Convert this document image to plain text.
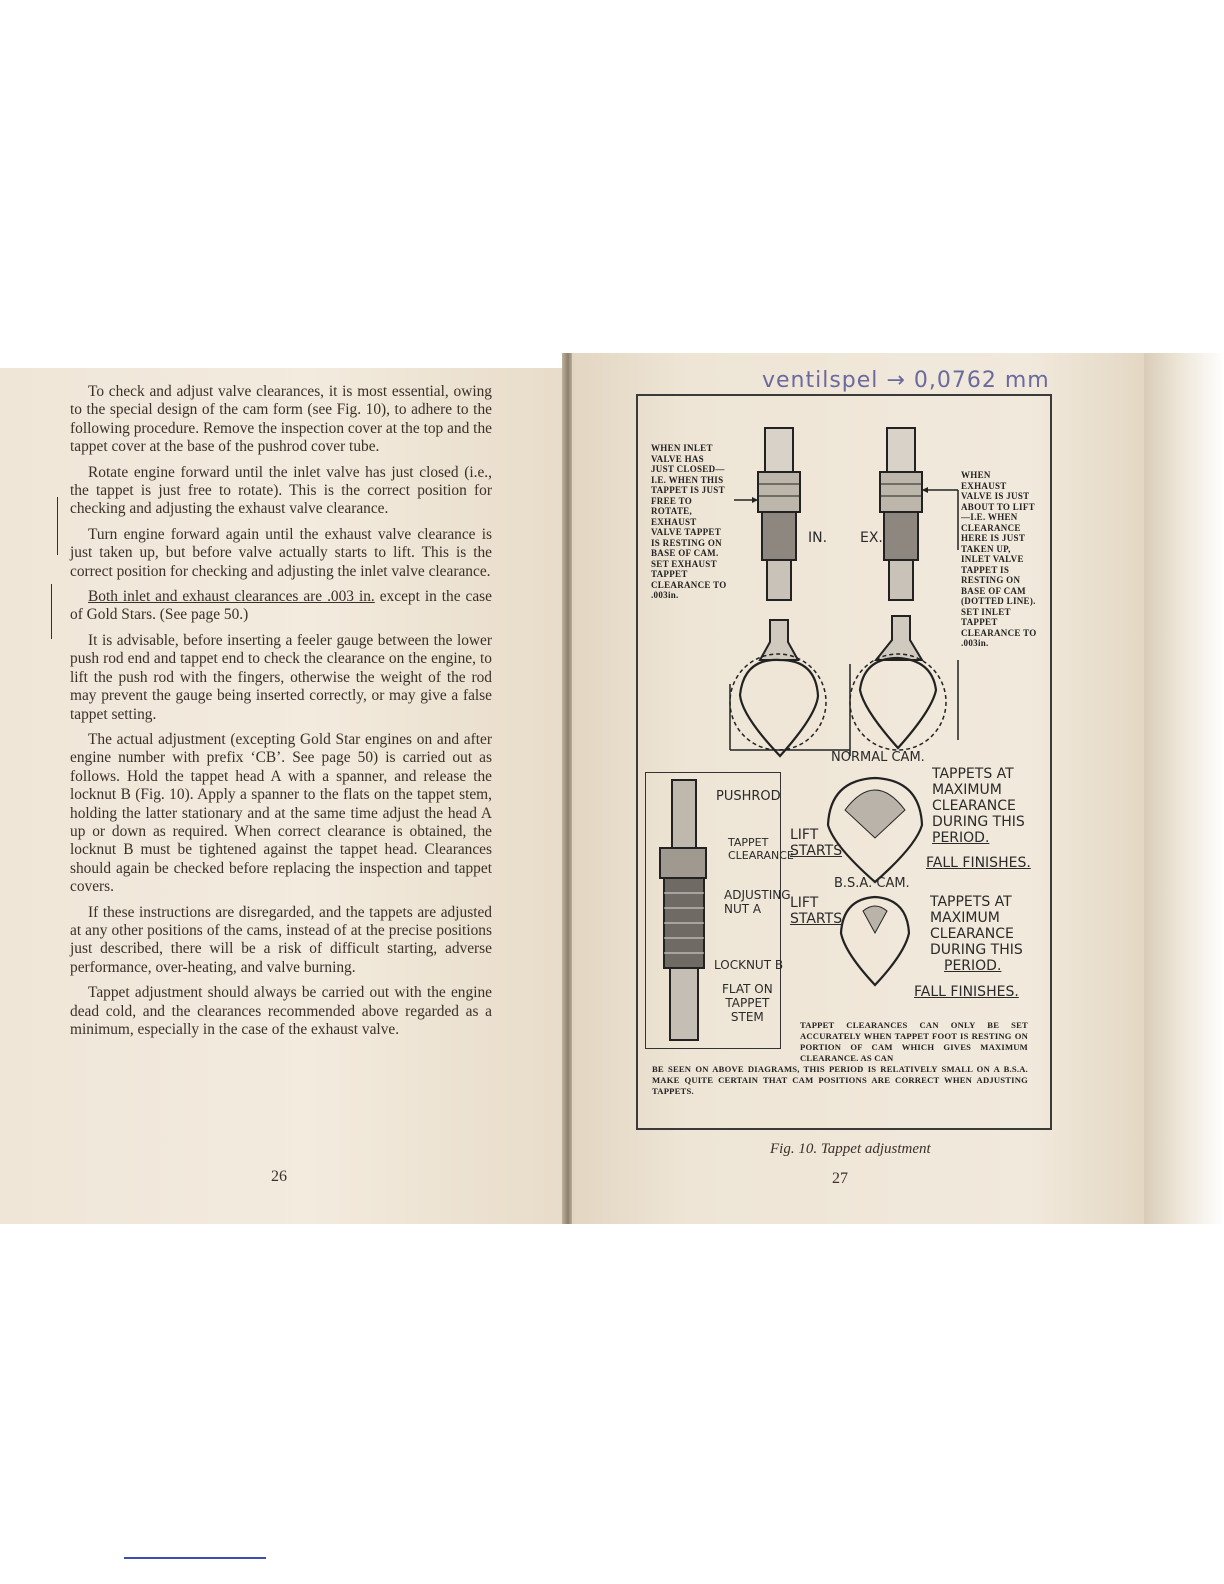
To check and adjust valve clearances, it is most essential, owing to the special design of the cam form (see Fig. 10), to adhere to the following procedure. Remove the inspection cover at the top and the tappet cover at the base of the pushrod cover tube.

Rotate engine forward until the inlet valve has just closed (i.e., the tappet is just free to rotate). This is the correct position for checking and adjusting the exhaust valve clearance.

Turn engine forward again until the exhaust valve clearance is just taken up, but before valve actually starts to lift. This is the correct position for checking and adjusting the inlet valve clearance.

Both inlet and exhaust clearances are .003 in. except in the case of Gold Stars. (See page 50.)

It is advisable, before inserting a feeler gauge between the lower push rod end and tappet end to check the clearance on the engine, to lift the push rod with the fingers, otherwise the weight of the rod may prevent the gauge being inserted correctly, or may give a false tappet setting.

The actual adjustment (excepting Gold Star engines on and after engine number with prefix ‘CB’. See page 50) is carried out as follows. Hold the tappet head A with a spanner, and release the locknut B (Fig. 10). Apply a spanner to the flats on the tappet stem, holding the latter stationary and at the same time adjust the head A up or down as required. When correct clearance is obtained, the locknut B must be tightened against the tappet head. Clearances should again be checked before replacing the inspection and tappet covers.

If these instructions are disregarded, and the tappets are adjusted at any other positions of the cams, instead of at the precise positions just described, there will be a risk of difficult starting, adverse performance, over-heating, and valve burning.

Tappet adjustment should always be carried out with the engine dead cold, and the clearances recommended above regarded as a minimum, especially in the case of the exhaust valve.

26
ventilspel → 0,0762 mm
WHEN INLET VALVE HAS JUST CLOSED—I.E. WHEN THIS TAPPET IS JUST FREE TO ROTATE, EXHAUST VALVE TAPPET IS RESTING ON BASE OF CAM. SET EXHAUST TAPPET CLEARANCE TO .003in.
WHEN EXHAUST VALVE IS JUST ABOUT TO LIFT—I.E. WHEN CLEARANCE HERE IS JUST TAKEN UP, INLET VALVE TAPPET IS RESTING ON BASE OF CAM (DOTTED LINE). SET INLET TAPPET CLEARANCE TO .003in.
IN. EX.
PUSHROD
TAPPET
CLEARANCE
ADJUSTING
NUT A
LOCKNUT B
FLAT ON
TAPPET
STEM
NORMAL CAM.
LIFT
STARTS
TAPPETS AT
MAXIMUM
CLEARANCE
DURING THIS
PERIOD.
FALL FINISHES.
B.S.A. CAM.
LIFT
STARTS
TAPPETS AT
MAXIMUM
CLEARANCE
DURING THIS
PERIOD.
FALL FINISHES.
TAPPET CLEARANCES CAN ONLY BE SET ACCURATELY WHEN TAPPET FOOT IS RESTING ON PORTION OF CAM WHICH GIVES MAXIMUM CLEARANCE. AS CAN
BE SEEN ON ABOVE DIAGRAMS, THIS PERIOD IS RELATIVELY SMALL ON A B.S.A. MAKE QUITE CERTAIN THAT CAM POSITIONS ARE CORRECT WHEN ADJUSTING TAPPETS.
Fig. 10. Tappet adjustment
27
